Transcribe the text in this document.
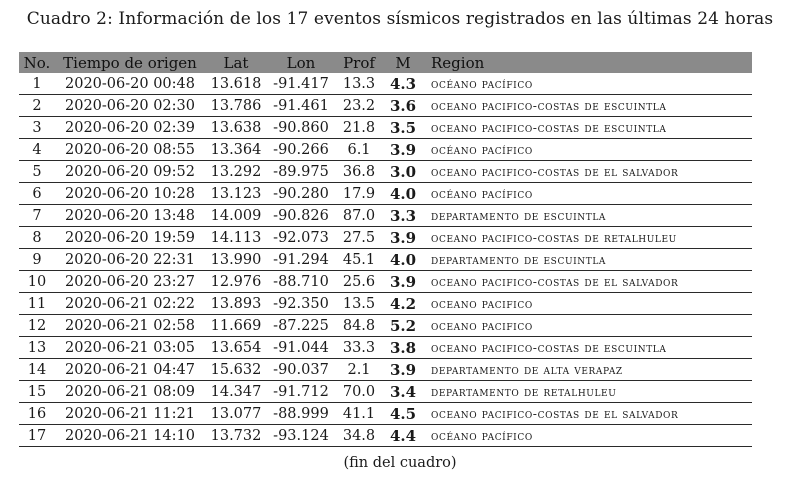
Cuadro 2: Información de los 17 eventos sísmicos registrados en las últimas 24 horas
No.	Tiempo de origen	Lat	Lon	Prof	M	Region
1	2020-06-20 00:48	13.618	-91.417	13.3	4.3	océano pacífico
2	2020-06-20 02:30	13.786	-91.461	23.2	3.6	oceano pacifico-costas de escuintla
3	2020-06-20 02:39	13.638	-90.860	21.8	3.5	oceano pacifico-costas de escuintla
4	2020-06-20 08:55	13.364	-90.266	6.1	3.9	océano pacífico
5	2020-06-20 09:52	13.292	-89.975	36.8	3.0	oceano pacifico-costas de el salvador
6	2020-06-20 10:28	13.123	-90.280	17.9	4.0	océano pacífico
7	2020-06-20 13:48	14.009	-90.826	87.0	3.3	departamento de escuintla
8	2020-06-20 19:59	14.113	-92.073	27.5	3.9	oceano pacifico-costas de retalhuleu
9	2020-06-20 22:31	13.990	-91.294	45.1	4.0	departamento de escuintla
10	2020-06-20 23:27	12.976	-88.710	25.6	3.9	oceano pacifico-costas de el salvador
11	2020-06-21 02:22	13.893	-92.350	13.5	4.2	oceano pacifico
12	2020-06-21 02:58	11.669	-87.225	84.8	5.2	oceano pacifico
13	2020-06-21 03:05	13.654	-91.044	33.3	3.8	oceano pacifico-costas de escuintla
14	2020-06-21 04:47	15.632	-90.037	2.1	3.9	departamento de alta verapaz
15	2020-06-21 08:09	14.347	-91.712	70.0	3.4	departamento de retalhuleu
16	2020-06-21 11:21	13.077	-88.999	41.1	4.5	oceano pacifico-costas de el salvador
17	2020-06-21 14:10	13.732	-93.124	34.8	4.4	océano pacífico
(fin del cuadro)
